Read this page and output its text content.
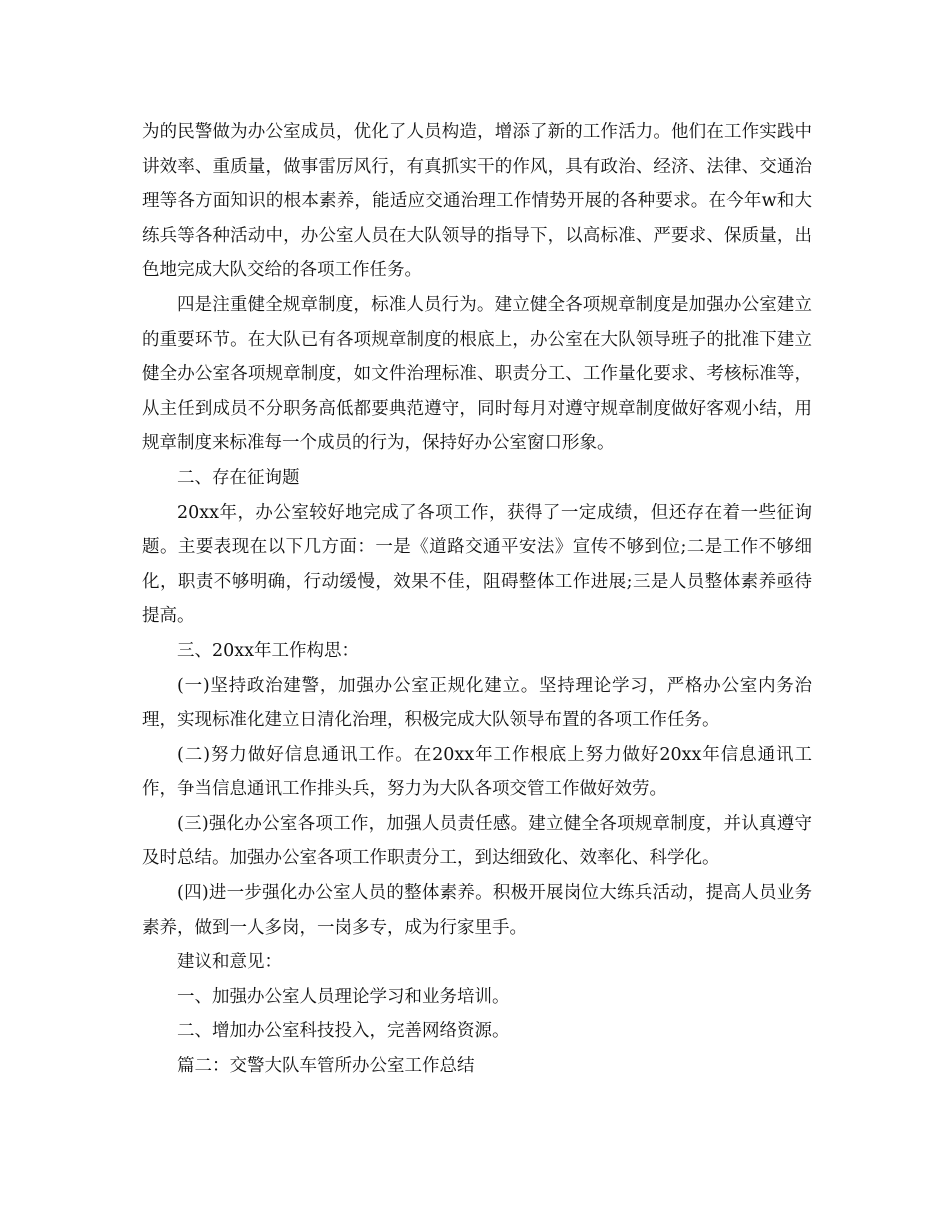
为的民警做为办公室成员，优化了人员构造，增添了新的工作活力。他们在工作实践中讲效率、重质量，做事雷厉风行，有真抓实干的作风，具有政治、经济、法律、交通治理等各方面知识的根本素养，能适应交通治理工作情势开展的各种要求。在今年w和大练兵等各种活动中，办公室人员在大队领导的指导下，以高标准、严要求、保质量，出色地完成大队交给的各项工作任务。

四是注重健全规章制度，标准人员行为。建立健全各项规章制度是加强办公室建立的重要环节。在大队已有各项规章制度的根底上，办公室在大队领导班子的批准下建立健全办公室各项规章制度，如文件治理标准、职责分工、工作量化要求、考核标准等，从主任到成员不分职务高低都要典范遵守，同时每月对遵守规章制度做好客观小结，用规章制度来标准每一个成员的行为，保持好办公室窗口形象。

二、存在征询题

20xx年，办公室较好地完成了各项工作，获得了一定成绩，但还存在着一些征询题。主要表现在以下几方面：一是《道路交通平安法》宣传不够到位;二是工作不够细化，职责不够明确，行动缓慢，效果不佳，阻碍整体工作进展;三是人员整体素养亟待提高。

三、20xx年工作构思：

(一)坚持政治建警，加强办公室正规化建立。坚持理论学习，严格办公室内务治理，实现标准化建立日清化治理，积极完成大队领导布置的各项工作任务。

(二)努力做好信息通讯工作。在20xx年工作根底上努力做好20xx年信息通讯工作，争当信息通讯工作排头兵，努力为大队各项交管工作做好效劳。

(三)强化办公室各项工作，加强人员责任感。建立健全各项规章制度，并认真遵守及时总结。加强办公室各项工作职责分工，到达细致化、效率化、科学化。

(四)进一步强化办公室人员的整体素养。积极开展岗位大练兵活动，提高人员业务素养，做到一人多岗，一岗多专，成为行家里手。

建议和意见：

一、加强办公室人员理论学习和业务培训。

二、增加办公室科技投入，完善网络资源。

篇二：交警大队车管所办公室工作总结
